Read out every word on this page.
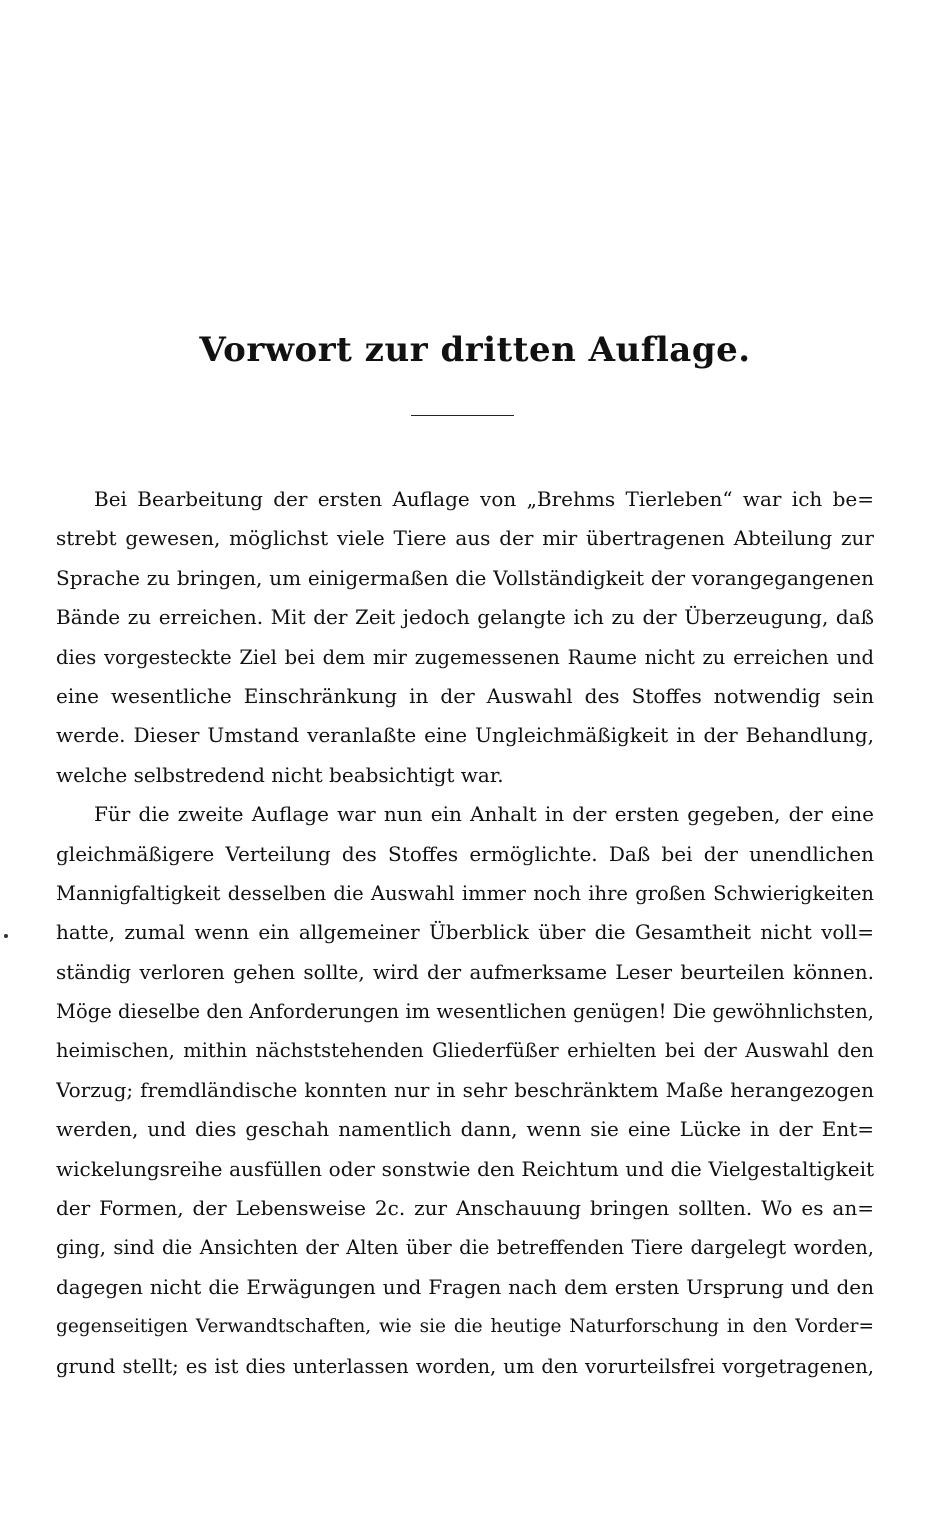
Vorwort zur dritten Auflage.
Bei Bearbeitung der ersten Auflage von „Brehms Tierleben“ war ich be=
strebt gewesen, möglichst viele Tiere aus der mir übertragenen Abteilung zur
Sprache zu bringen, um einigermaßen die Vollständigkeit der vorangegangenen
Bände zu erreichen. Mit der Zeit jedoch gelangte ich zu der Überzeugung, daß
dies vorgesteckte Ziel bei dem mir zugemessenen Raume nicht zu erreichen und
eine wesentliche Einschränkung in der Auswahl des Stoffes notwendig sein
werde. Dieser Umstand veranlaßte eine Ungleichmäßigkeit in der Behandlung,
welche selbstredend nicht beabsichtigt war.
Für die zweite Auflage war nun ein Anhalt in der ersten gegeben, der eine
gleichmäßigere Verteilung des Stoffes ermöglichte. Daß bei der unendlichen
Mannigfaltigkeit desselben die Auswahl immer noch ihre großen Schwierigkeiten
hatte, zumal wenn ein allgemeiner Überblick über die Gesamtheit nicht voll=
ständig verloren gehen sollte, wird der aufmerksame Leser beurteilen können.
Möge dieselbe den Anforderungen im wesentlichen genügen! Die gewöhnlichsten,
heimischen, mithin nächststehenden Gliederfüßer erhielten bei der Auswahl den
Vorzug; fremdländische konnten nur in sehr beschränktem Maße herangezogen
werden, und dies geschah namentlich dann, wenn sie eine Lücke in der Ent=
wickelungsreihe ausfüllen oder sonstwie den Reichtum und die Vielgestaltigkeit
der Formen, der Lebensweise 2c. zur Anschauung bringen sollten. Wo es an=
ging, sind die Ansichten der Alten über die betreffenden Tiere dargelegt worden,
dagegen nicht die Erwägungen und Fragen nach dem ersten Ursprung und den
gegenseitigen Verwandtschaften, wie sie die heutige Naturforschung in den Vorder=
grund stellt; es ist dies unterlassen worden, um den vorurteilsfrei vorgetragenen,
